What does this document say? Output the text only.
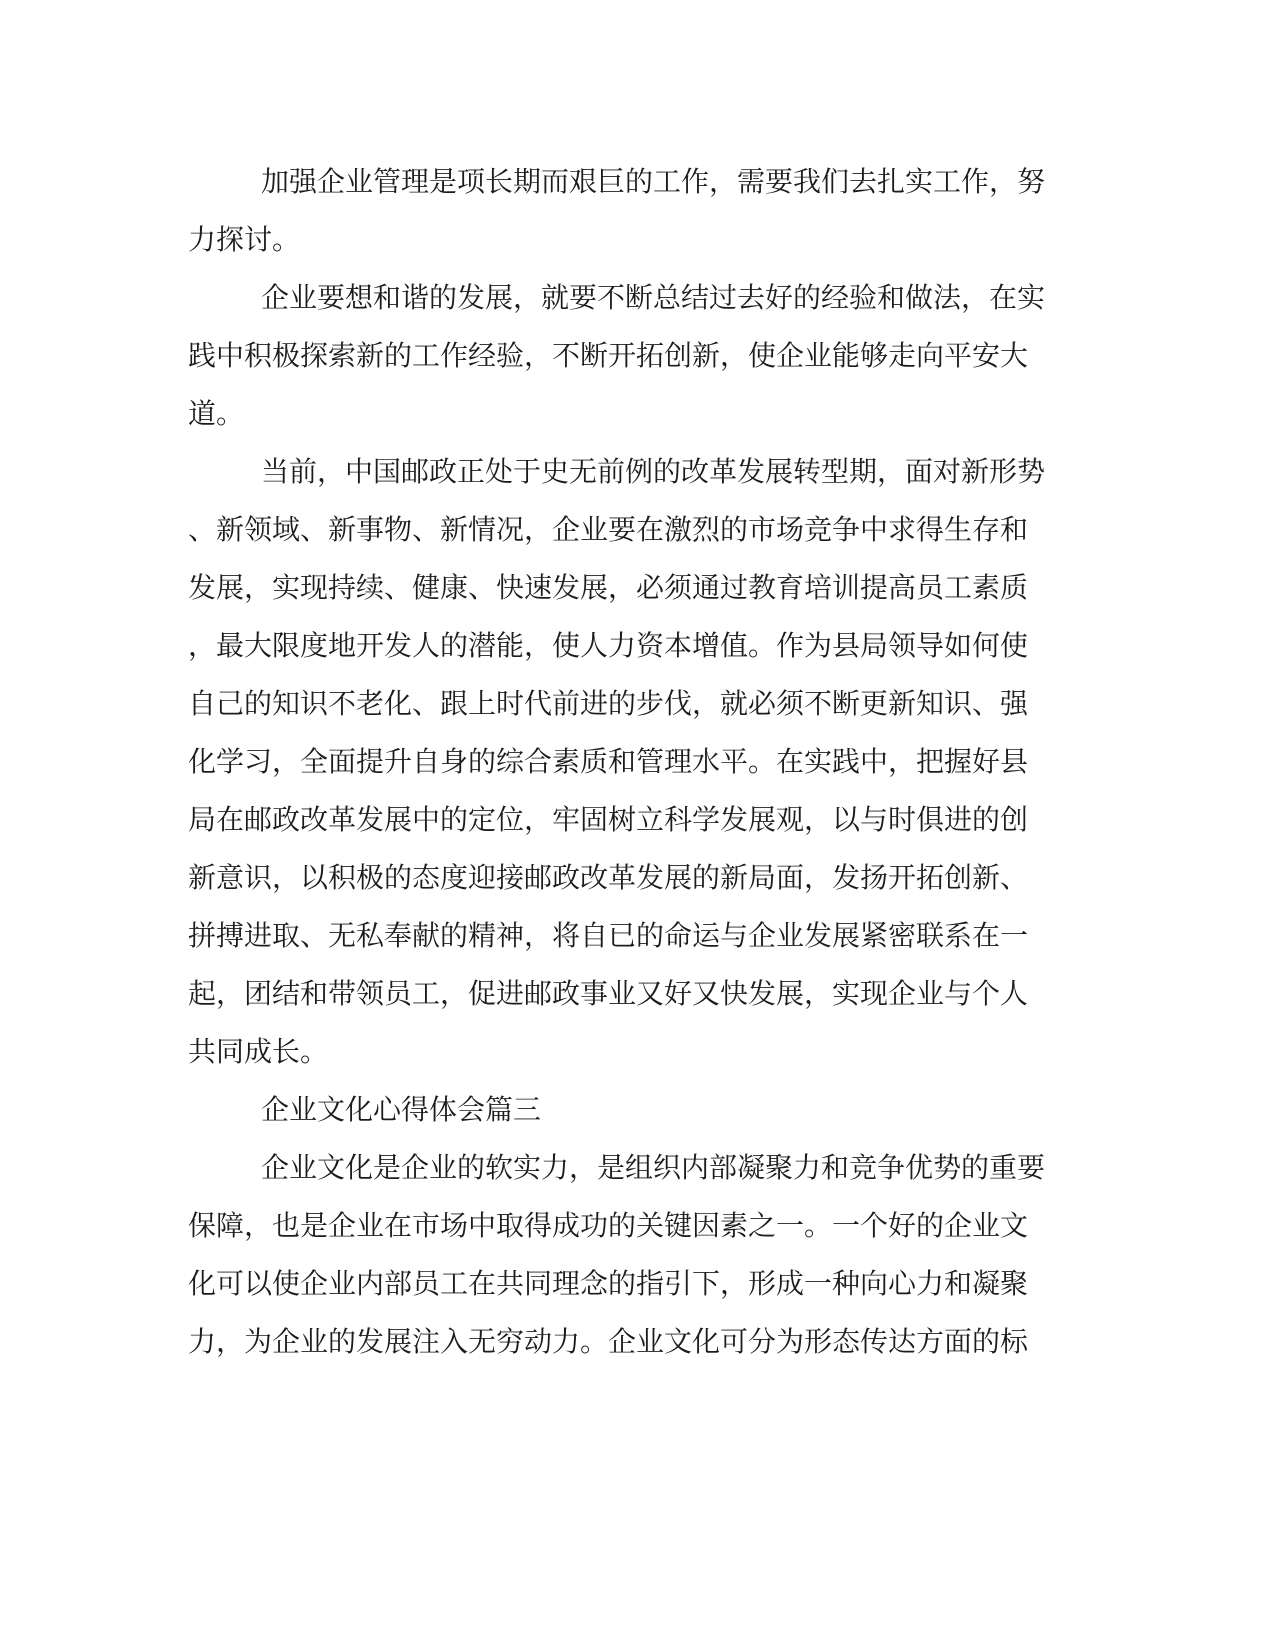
加强企业管理是项长期而艰巨的工作，需要我们去扎实工作，努

力探讨。

企业要想和谐的发展，就要不断总结过去好的经验和做法，在实

践中积极探索新的工作经验，不断开拓创新，使企业能够走向平安大

道。

当前，中国邮政正处于史无前例的改革发展转型期，面对新形势

、新领域、新事物、新情况，企业要在激烈的市场竞争中求得生存和

发展，实现持续、健康、快速发展，必须通过教育培训提高员工素质

，最大限度地开发人的潜能，使人力资本增值。作为县局领导如何使

自己的知识不老化、跟上时代前进的步伐，就必须不断更新知识、强

化学习，全面提升自身的综合素质和管理水平。在实践中，把握好县

局在邮政改革发展中的定位，牢固树立科学发展观，以与时俱进的创

新意识，以积极的态度迎接邮政改革发展的新局面，发扬开拓创新、

拼搏进取、无私奉献的精神，将自已的命运与企业发展紧密联系在一

起，团结和带领员工，促进邮政事业又好又快发展，实现企业与个人

共同成长。

企业文化心得体会篇三

企业文化是企业的软实力，是组织内部凝聚力和竞争优势的重要

保障，也是企业在市场中取得成功的关键因素之一。一个好的企业文

化可以使企业内部员工在共同理念的指引下，形成一种向心力和凝聚

力，为企业的发展注入无穷动力。企业文化可分为形态传达方面的标
